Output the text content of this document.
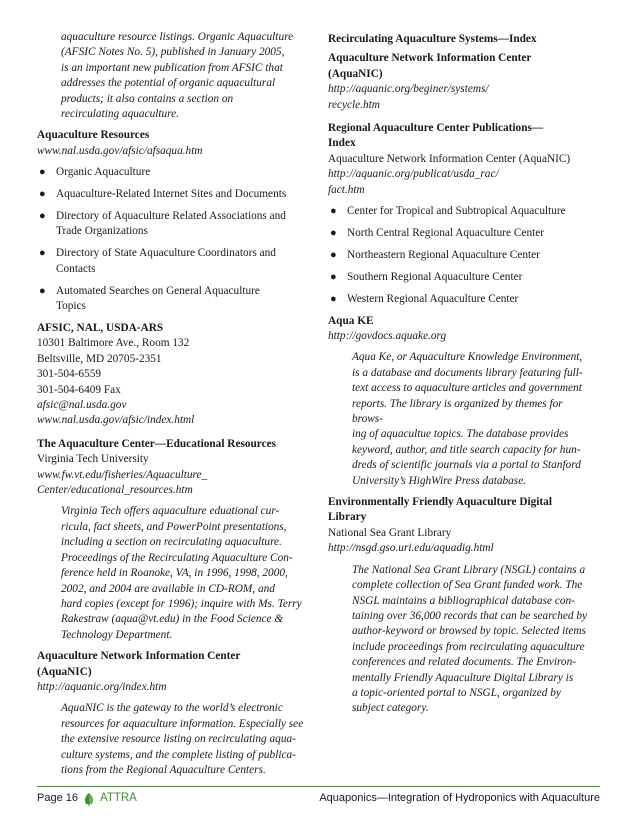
aquaculture resource listings. Organic Aquaculture
(AFSIC Notes No. 5), published in January 2005,
is an important new publication from AFSIC that
addresses the potential of organic aquacultural
products; it also contains a section on
recirculating aquaculture.
Aquaculture Resources
www.nal.usda.gov/afsic/afsaqua.htm
● Organic Aquaculture
● Aquaculture-Related Internet Sites and Documents
● Directory of Aquaculture Related Associations and
Trade Organizations
● Directory of State Aquaculture Coordinators and
Contacts
● Automated Searches on General Aquaculture
Topics
AFSIC, NAL, USDA-ARS
10301 Baltimore Ave., Room 132
Beltsville, MD 20705-2351
301-504-6559
301-504-6409 Fax
afsic@nal.usda.gov
www.nal.usda.gov/afsic/index.html
The Aquaculture Center—Educational Resources
Virginia Tech University
www.fw.vt.edu/fisheries/Aquaculture_
Center/educational_resources.htm
Virginia Tech offers aquaculture eduational cur-
ricula, fact sheets, and PowerPoint presentations,
including a section on recirculating aquaculture.
Proceedings of the Recirculating Aquaculture Con-
ference held in Roanoke, VA, in 1996, 1998, 2000,
2002, and 2004 are available in CD-ROM, and
hard copies (except for 1996); inquire with Ms. Terry
Rakestraw (aqua@vt.edu) in the Food Science &
Technology Department.
Aquaculture Network Information Center
(AquaNIC)
http://aquanic.org/index.htm
AquaNIC is the gateway to the world’s electronic
resources for aquaculture information. Especially see
the extensive resource listing on recirculating aqua-
culture systems, and the complete listing of publica-
tions from the Regional Aquaculture Centers.
Recirculating Aquaculture Systems—Index
Aquaculture Network Information Center
(AquaNIC)
http://aquanic.org/beginer/systems/
recycle.htm
Regional Aquaculture Center Publications—
Index
Aquaculture Network Information Center (AquaNIC)
http://aquanic.org/publicat/usda_rac/
fact.htm
● Center for Tropical and Subtropical Aquaculture
● North Central Regional Aquaculture Center
● Northeastern Regional Aquaculture Center
● Southern Regional Aquaculture Center
● Western Regional Aquaculture Center
Aqua KE
http://govdocs.aquake.org
Aqua Ke, or Aquaculture Knowledge Environment,
is a database and documents library featuring full-
text access to aquaculture articles and government
reports. The library is organized by themes for brows-
ing of aquacultue topics. The database provides
keyword, author, and title search capacity for hun-
dreds of scientific journals via a portal to Stanford
University’s HighWire Press database.
Environmentally Friendly Aquaculture Digital
Library
National Sea Grant Library
http://nsgd.gso.uri.edu/aquadig.html
The National Sea Grant Library (NSGL) contains a
complete collection of Sea Grant funded work. The
NSGL maintains a bibliographical database con-
taining over 36,000 records that can be searched by
author-keyword or browsed by topic. Selected items
include proceedings from recirculating aquaculture
conferences and related documents. The Environ-
mentally Friendly Aquaculture Digital Library is
a topic-oriented portal to NSGL, organized by
subject category.
Page 16 ATTRA	Aquaponics—Integration of Hydroponics with Aquaculture
